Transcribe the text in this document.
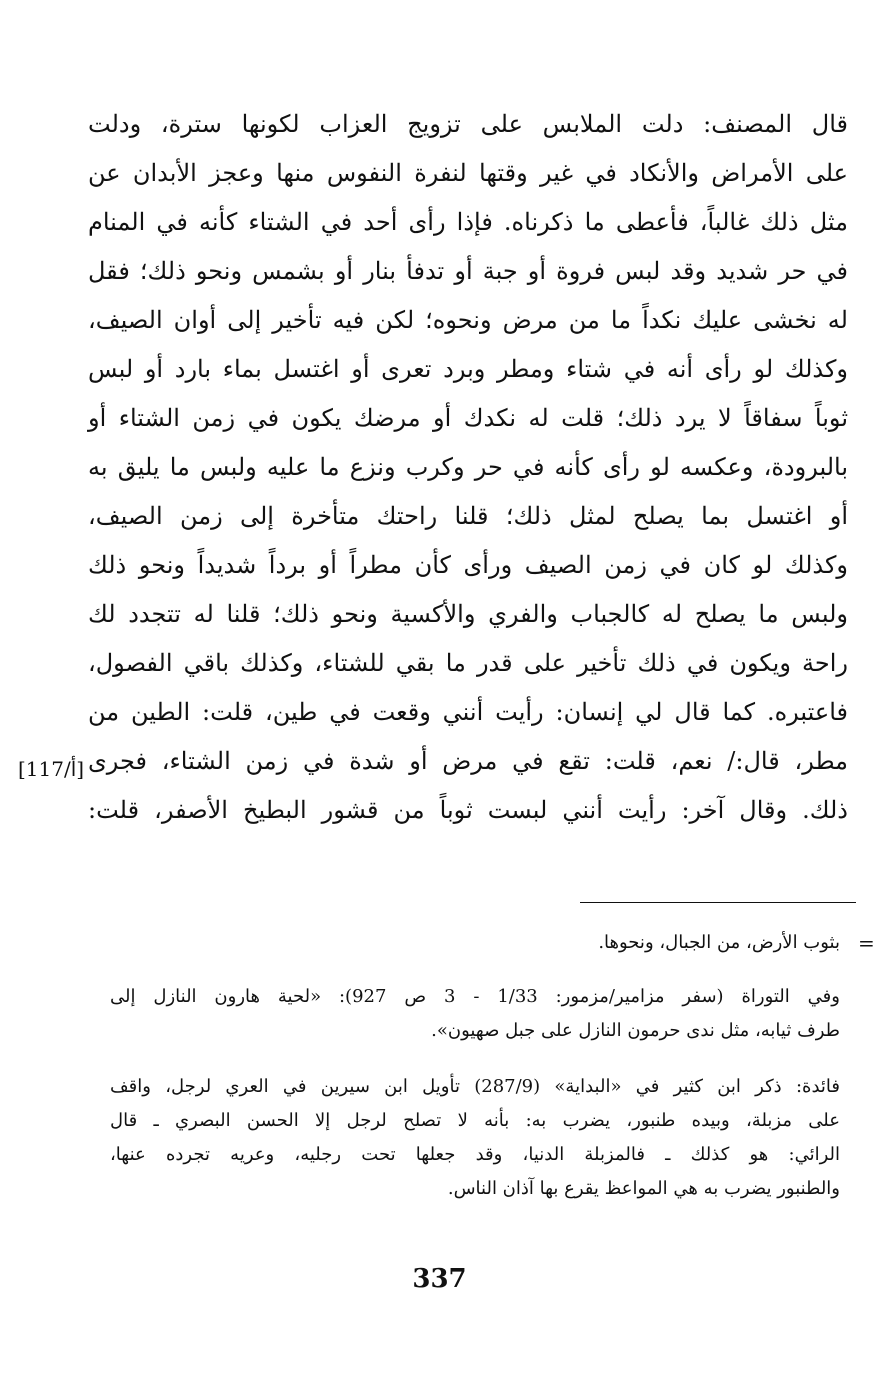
قال المصنف: دلت الملابس على تزويج العزاب لكونها سترة، ودلت
على الأمراض والأنكاد في غير وقتها لنفرة النفوس منها وعجز الأبدان عن
مثل ذلك غالباً، فأعطى ما ذكرناه. فإذا رأى أحد في الشتاء كأنه في المنام
في حر شديد وقد لبس فروة أو جبة أو تدفأ بنار أو بشمس ونحو ذلك؛ فقل
له نخشى عليك نكداً ما من مرض ونحوه؛ لكن فيه تأخير إلى أوان الصيف،
وكذلك لو رأى أنه في شتاء ومطر وبرد تعرى أو اغتسل بماء بارد أو لبس
ثوباً سفاقاً لا يرد ذلك؛ قلت له نكدك أو مرضك يكون في زمن الشتاء أو
بالبرودة، وعكسه لو رأى كأنه في حر وكرب ونزع ما عليه ولبس ما يليق به
أو اغتسل بما يصلح لمثل ذلك؛ قلنا راحتك متأخرة إلى زمن الصيف،
وكذلك لو كان في زمن الصيف ورأى كأن مطراً أو برداً شديداً ونحو ذلك
ولبس ما يصلح له كالجباب والفري والأكسية ونحو ذلك؛ قلنا له تتجدد لك
راحة ويكون في ذلك تأخير على قدر ما بقي للشتاء، وكذلك باقي الفصول،
فاعتبره. كما قال لي إنسان: رأيت أنني وقعت في طين، قلت: الطين من
مطر، قال:/ نعم، قلت: تقع في مرض أو شدة في زمن الشتاء، فجرى
ذلك. وقال آخر: رأيت أنني لبست ثوباً من قشور البطيخ الأصفر، قلت:
[117/أ]
=
بثوب الأرض، من الجبال، ونحوها.
وفي التوراة (سفر مزامير/مزمور: 1/33 - 3 ص 927): «لحية هارون النازل إلى
طرف ثيابه، مثل ندى حرمون النازل على جبل صهيون».
فائدة: ذكر ابن كثير في «البداية» (287/9) تأويل ابن سيرين في العري لرجل، واقف
على مزبلة، وبيده طنبور، يضرب به: بأنه لا تصلح لرجل إلا الحسن البصري ـ قال
الرائي: هو كذلك ـ فالمزبلة الدنيا، وقد جعلها تحت رجليه، وعريه تجرده عنها،
والطنبور يضرب به هي المواعظ يقرع بها آذان الناس.
337
